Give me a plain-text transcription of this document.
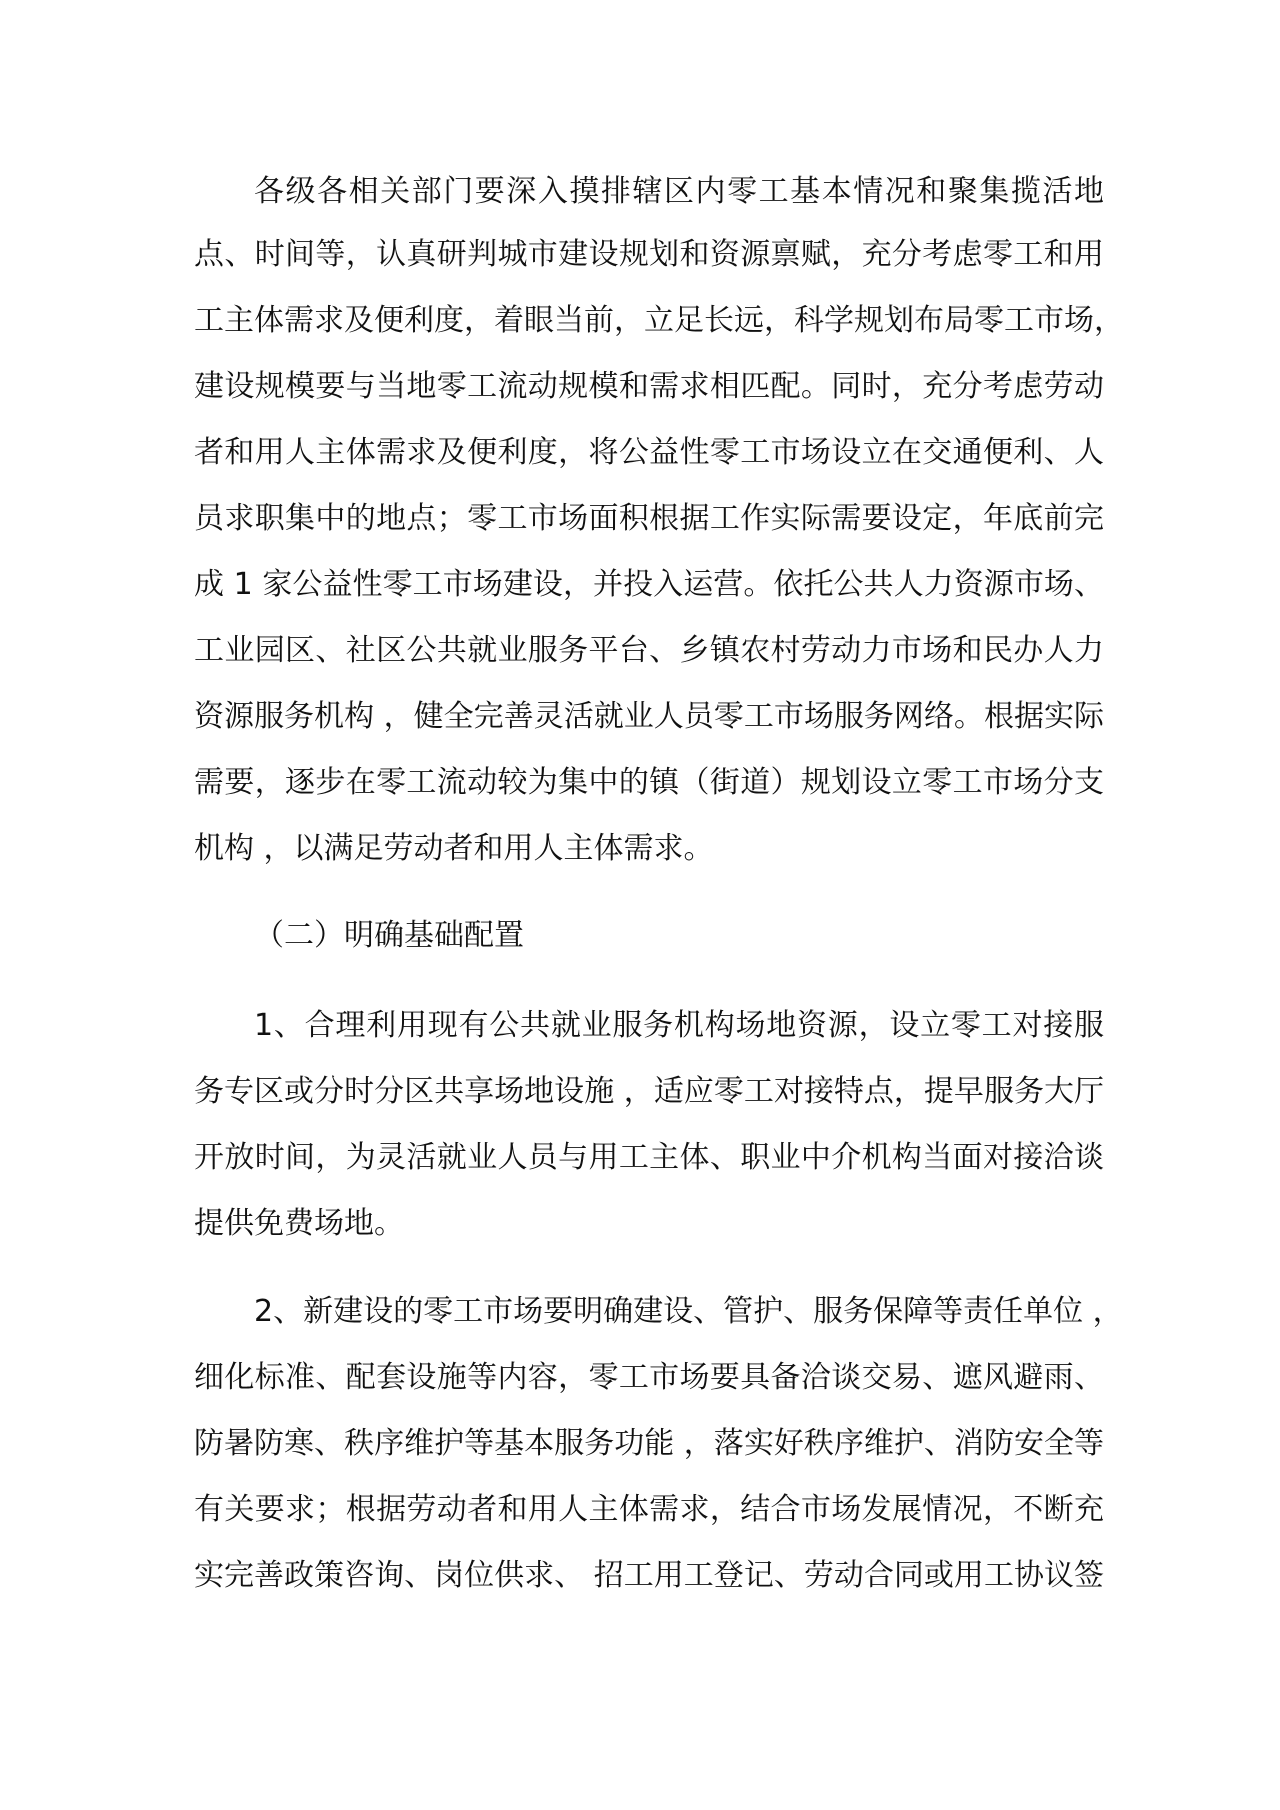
各级各相关部门要深入摸排辖区内零工基本情况和聚集揽活地
点、时间等，认真研判城市建设规划和资源禀赋，充分考虑零工和用
工主体需求及便利度，着眼当前，立足长远，科学规划布局零工市场，
建设规模要与当地零工流动规模和需求相匹配。同时，充分考虑劳动
者和用人主体需求及便利度，将公益性零工市场设立在交通便利、人
员求职集中的地点；零工市场面积根据工作实际需要设定，年底前完
成 1 家公益性零工市场建设，并投入运营。依托公共人力资源市场、
工业园区、社区公共就业服务平台、乡镇农村劳动力市场和民办人力
资源服务机构 ，健全完善灵活就业人员零工市场服务网络。根据实际
需要，逐步在零工流动较为集中的镇（街道）规划设立零工市场分支
机构 ，以满足劳动者和用人主体需求。
（二）明确基础配置
1、合理利用现有公共就业服务机构场地资源，设立零工对接服
务专区或分时分区共享场地设施 ，适应零工对接特点，提早服务大厅
开放时间，为灵活就业人员与用工主体、职业中介机构当面对接洽谈
提供免费场地。
2、新建设的零工市场要明确建设、管护、服务保障等责任单位 ，
细化标准、配套设施等内容，零工市场要具备洽谈交易、遮风避雨、
防暑防寒、秩序维护等基本服务功能 ，落实好秩序维护、消防安全等
有关要求；根据劳动者和用人主体需求，结合市场发展情况，不断充
实完善政策咨询、岗位供求、 招工用工登记、劳动合同或用工协议签
